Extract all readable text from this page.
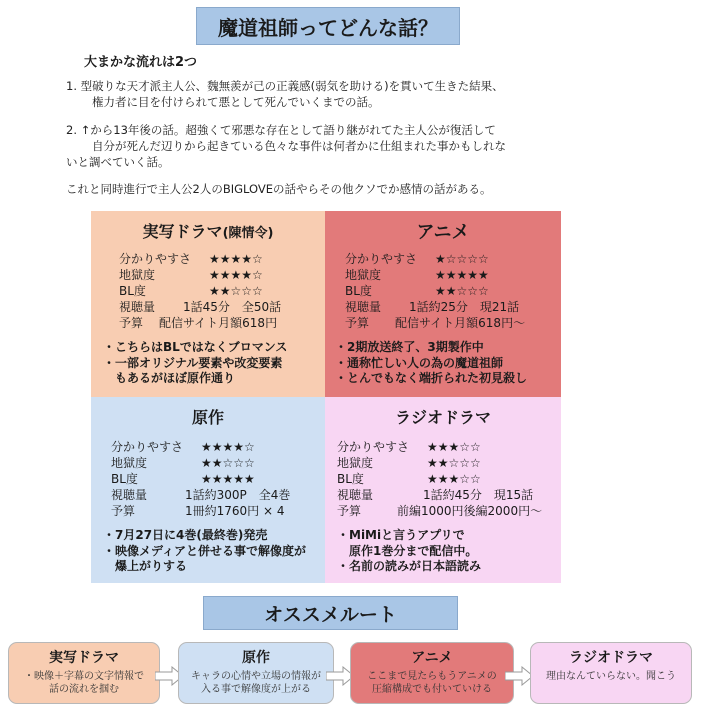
魔道祖師ってどんな話？
大まかな流れは2つ
1. 型破りな天才派主人公、魏無羨が己の正義感(弱気を助ける)を貫いて生きた結果、
権力者に目を付けられて悪として死んでいくまでの話。
2. ↑から13年後の話。超強くて邪悪な存在として語り継がれてた主人公が復活して
自分が死んだ辺りから起きている色々な事件は何者かに仕組まれた事かもしれな
いと調べていく話。
これと同時進行で主人公2人のBIGLOVEの話やらその他クソでか感情の話がある。
実写ドラマ(陳情令)
分かりやすさ	★★★★☆
地獄度	★★★★☆
BL度	★★☆☆☆
視聴量	1話45分　全50話
予算	配信サイト月額618円
・こちらはBLではなくブロマンス
・一部オリジナル要素や改変要素
　もあるがほぼ原作通り
アニメ
分かりやすさ	★☆☆☆☆
地獄度	★★★★★
BL度	★★☆☆☆
視聴量	1話約25分　現21話
予算	配信サイト月額618円～
・2期放送終了、3期製作中
・通称忙しい人の為の魔道祖師
・とんでもなく端折られた初見殺し
原作
分かりやすさ	★★★★☆
地獄度	★★☆☆☆
BL度	★★★★★
視聴量	1話約300P　全4巻
予算	1冊約1760円 × 4
・7月27日に4巻(最終巻)発売
・映像メディアと併せる事で解像度が
　爆上がりする
ラジオドラマ
分かりやすさ	★★★☆☆
地獄度	★★☆☆☆
BL度	★★★☆☆
視聴量	1話約45分　現15話
予算	前編1000円後編2000円～
・MiMiと言うアプリで
　原作1巻分まで配信中。
・名前の読みが日本語読み
オススメルート
実写ドラマ
・映像＋字幕の文字情報で
話の流れを掴む
原作
キャラの心情や立場の情報が
入る事で解像度が上がる
アニメ
ここまで見たらもうアニメの
圧縮構成でも付いていける
ラジオドラマ
理由なんていらない。聞こう
